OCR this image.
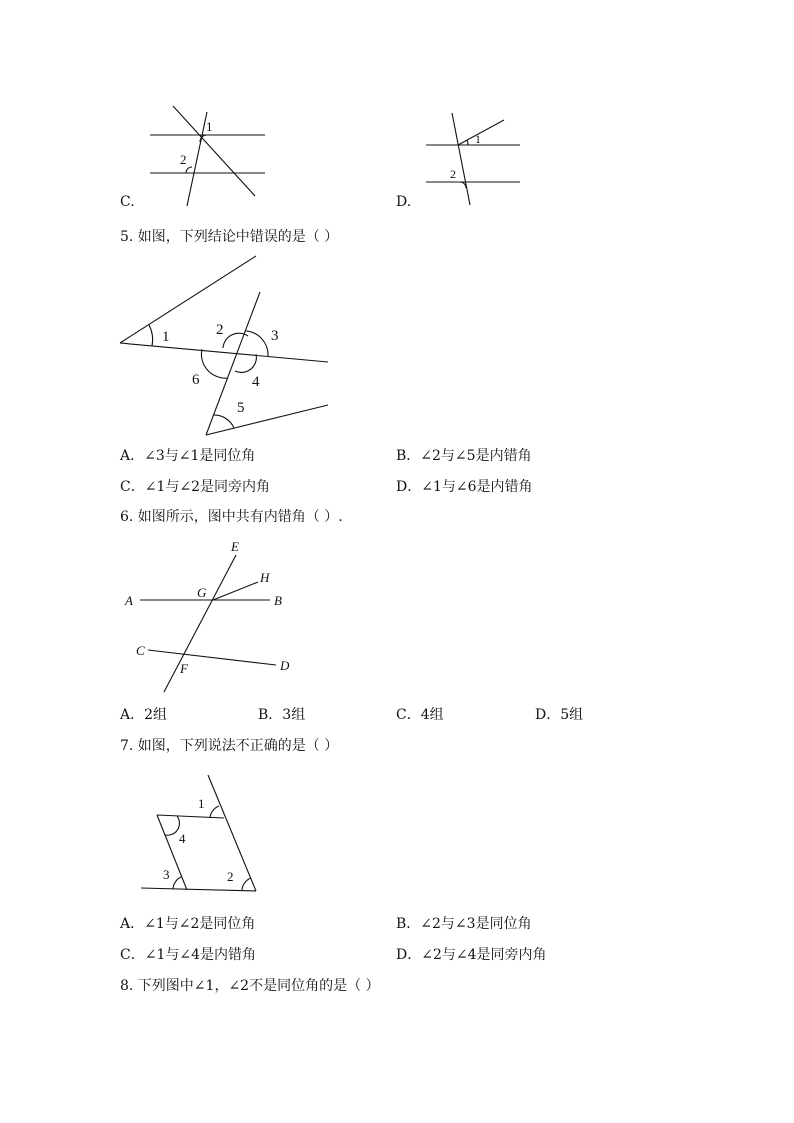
1
2
C.
1
2
D.
5. 如图，下列结论中错误的是（ ）
1	2	3
4
5
6
A．∠3与∠1是同位角	B．∠2与∠5是内错角
C．∠1与∠2是同旁内角	D．∠1与∠6是内错角
6. 如图所示，图中共有内错角（ ）.
E
H
G
A	B
C
D
F
A．2组	B．3组	C．4组	D．5组
7. 如图，下列说法不正确的是（ ）
1
4
3	2
A．∠1与∠2是同位角	B．∠2与∠3是同位角
C．∠1与∠4是内错角	D．∠2与∠4是同旁内角
8. 下列图中∠1，∠2不是同位角的是（ ）
